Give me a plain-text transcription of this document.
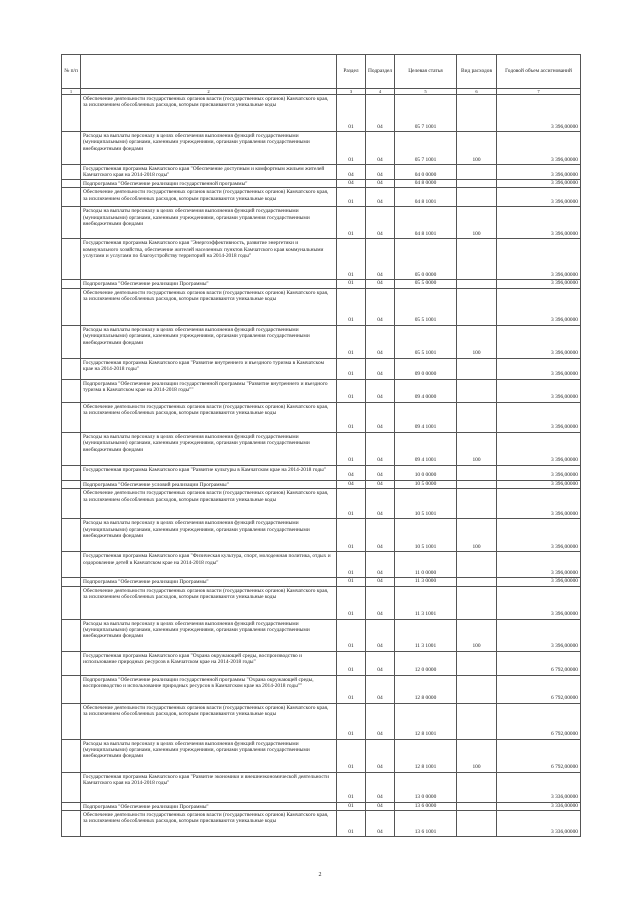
№ п/п		Раздел	Подраздел	Целевая статья	Вид расходов	Годовой объем ассигнований
1	2	3	4	5	6	7
	Обеспечение деятельности государственных органов власти (государственных органов) Камчатского края, за исключением обособленных расходов, которым присваиваются уникальные коды	01	04	05 7 1001		3 396,00000
	Расходы на выплаты персоналу в целях обеспечения выполнения функций государственными (муниципальными) органами, казенными учреждениями, органами управления государственными внебюджетными фондами	01	04	05 7 1001	100	3 396,00000
	Государственная программа Камчатского края "Обеспечение доступным и комфортным жильем жителей Камчатского края на 2014-2018 годы"	04	04	04 0 0000		3 396,00000
	Подпрограмма "Обеспечение реализации государственной программы"	04	04	04 8 0000		3 396,00000
	Обеспечение деятельности государственных органов власти (государственных органов) Камчатского края, за исключением обособленных расходов, которым присваиваются уникальные коды	01	04	04 8 1001		3 396,00000
	Расходы на выплаты персоналу в целях обеспечения выполнения функций государственными (муниципальными) органами, казенными учреждениями, органами управления государственными внебюджетными фондами	01	04	04 8 1001	100	3 396,00000
	Государственная программа Камчатского края "Энергоэффективность, развитие энергетики и коммунального хозяйства, обеспечение жителей населенных пунктов Камчатского края коммунальными услугами и услугами по благоустройству территорий на 2014-2018 годы"	01	04	05 0 0000		3 396,00000
	Подпрограмма "Обеспечение реализации Программы"	01	04	05 5 0000		3 396,00000
	Обеспечение деятельности государственных органов власти (государственных органов) Камчатского края, за исключением обособленных расходов, которым присваиваются уникальные коды	01	04	05 5 1001		3 396,00000
	Расходы на выплаты персоналу в целях обеспечения выполнения функций государственными (муниципальными) органами, казенными учреждениями, органами управления государственными внебюджетными фондами	01	04	05 5 1001	100	3 396,00000
	Государственная программа Камчатского края "Развитие внутреннего и въездного туризма в Камчатском крае на 2014-2018 годы"	01	04	09 0 0000		3 396,00000
	Подпрограмма "Обеспечение реализации государственной программы "Развитие внутреннего и въездного туризма в Камчатском крае на 2014-2018 годы""	01	04	09 4 0000		3 396,00000
	Обеспечение деятельности государственных органов власти (государственных органов) Камчатского края, за исключением обособленных расходов, которым присваиваются уникальные коды	01	04	09 4 1001		3 396,00000
	Расходы на выплаты персоналу в целях обеспечения выполнения функций государственными (муниципальными) органами, казенными учреждениями, органами управления государственными внебюджетными фондами	01	04	09 4 1001	100	3 396,00000
	Государственная программа Камчатского края "Развитие культуры в Камчатском крае на 2014-2018 годы"	04	04	10 0 0000		3 396,00000
	Подпрограмма "Обеспечение условий реализации Программы"	04	04	10 5 0000		3 396,00000
	Обеспечение деятельности государственных органов власти (государственных органов) Камчатского края, за исключением обособленных расходов, которым присваиваются уникальные коды	01	04	10 5 1001		3 396,00000
	Расходы на выплаты персоналу в целях обеспечения выполнения функций государственными (муниципальными) органами, казенными учреждениями, органами управления государственными внебюджетными фондами	01	04	10 5 1001	100	3 396,00000
	Государственная программа Камчатского края "Физическая культура, спорт, молодежная политика, отдых и оздоровление детей в Камчатском крае на 2014-2018 годы"	01	04	11 0 0000		3 396,00000
	Подпрограмма "Обеспечение реализации Программы"	01	04	11 3 0000		3 396,00000
	Обеспечение деятельности государственных органов власти (государственных органов) Камчатского края, за исключением обособленных расходов, которым присваиваются уникальные коды	01	04	11 3 1001		3 396,00000
	Расходы на выплаты персоналу в целях обеспечения выполнения функций государственными (муниципальными) органами, казенными учреждениями, органами управления государственными внебюджетными фондами	01	04	11 3 1001	100	3 396,00000
	Государственная программа Камчатского края "Охрана окружающей среды, воспроизводство и использование природных ресурсов в Камчатском крае на 2014-2018 годы"	01	04	12 0 0000		6 792,00000
	Подпрограмма "Обеспечение реализации государственной программы "Охрана окружающей среды, воспроизводство и использование природных ресурсов в Камчатском крае на 2014-2018 годы""	01	04	12 8 0000		6 792,00000
	Обеспечение деятельности государственных органов власти (государственных органов) Камчатского края, за исключением обособленных расходов, которым присваиваются уникальные коды	01	04	12 8 1001		6 792,00000
	Расходы на выплаты персоналу в целях обеспечения выполнения функций государственными (муниципальными) органами, казенными учреждениями, органами управления государственными внебюджетными фондами	01	04	12 8 1001	100	6 792,00000
	Государственная программа Камчатского края "Развитие экономики и внешнеэкономической деятельности Камчатского края на 2014-2018 годы"	01	04	13 0 0000		3 336,00000
	Подпрограмма "Обеспечение реализации Программы"	01	04	13 6 0000		3 336,00000
	Обеспечение деятельности государственных органов власти (государственных органов) Камчатского края, за исключением обособленных расходов, которым присваиваются уникальные коды	01	04	13 6 1001		3 336,00000
2
